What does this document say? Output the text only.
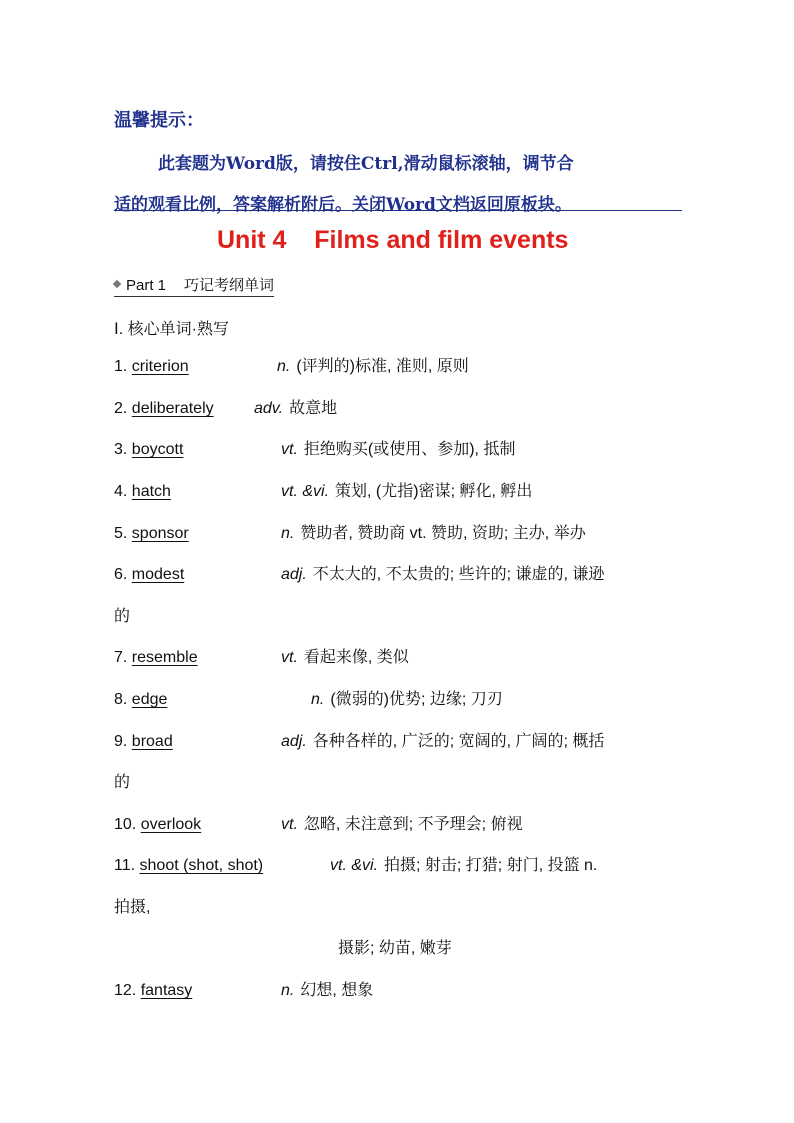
温馨提示：
此套题为Word版，请按住Ctrl,滑动鼠标滚轴，调节合
适的观看比例，答案解析附后。关闭Word文档返回原板块。
Unit 4    Films and film events
Part 1 巧记考纲单词
Ⅰ. 核心单词·熟写
1. criterion	n. (评判的)标准, 准则, 原则
2. deliberately	adv. 故意地
3. boycott	vt. 拒绝购买(或使用、参加), 抵制
4. hatch	vt. &vi. 策划, (尤指)密谋; 孵化, 孵出
5. sponsor	n. 赞助者, 赞助商 vt. 赞助, 资助; 主办, 举办
6. modest	adj. 不太大的, 不太贵的; 些许的; 谦虚的, 谦逊
的
7. resemble	vt. 看起来像, 类似
8. edge	n. (微弱的)优势; 边缘; 刀刃
9. broad	adj. 各种各样的, 广泛的; 宽阔的, 广阔的; 概括
的
10. overlook	vt. 忽略, 未注意到; 不予理会; 俯视
11. shoot (shot, shot)	vt. &vi. 拍摄; 射击; 打猎; 射门, 投篮 n.
拍摄,
摄影; 幼苗, 嫩芽
12. fantasy	n. 幻想, 想象
